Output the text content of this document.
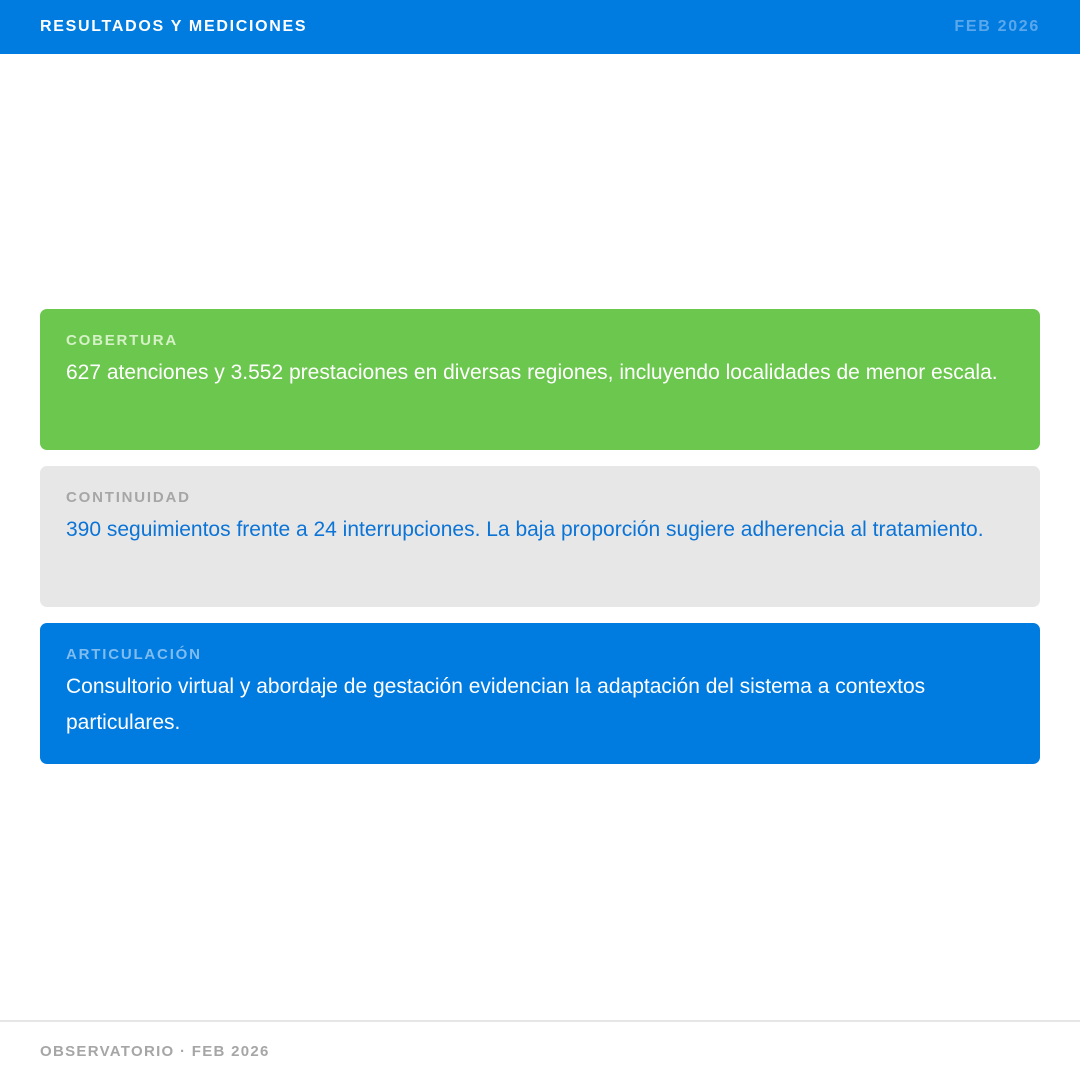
RESULTADOS Y MEDICIONES	FEB 2026
COBERTURA

627 atenciones y 3.552 prestaciones en diversas regiones, incluyendo localidades de menor escala.

CONTINUIDAD

390 seguimientos frente a 24 interrupciones. La baja proporción sugiere adherencia al tratamiento.

ARTICULACIÓN

Consultorio virtual y abordaje de gestación evidencian la adaptación del sistema a contextos particulares.

OBSERVATORIO · FEB 2026
